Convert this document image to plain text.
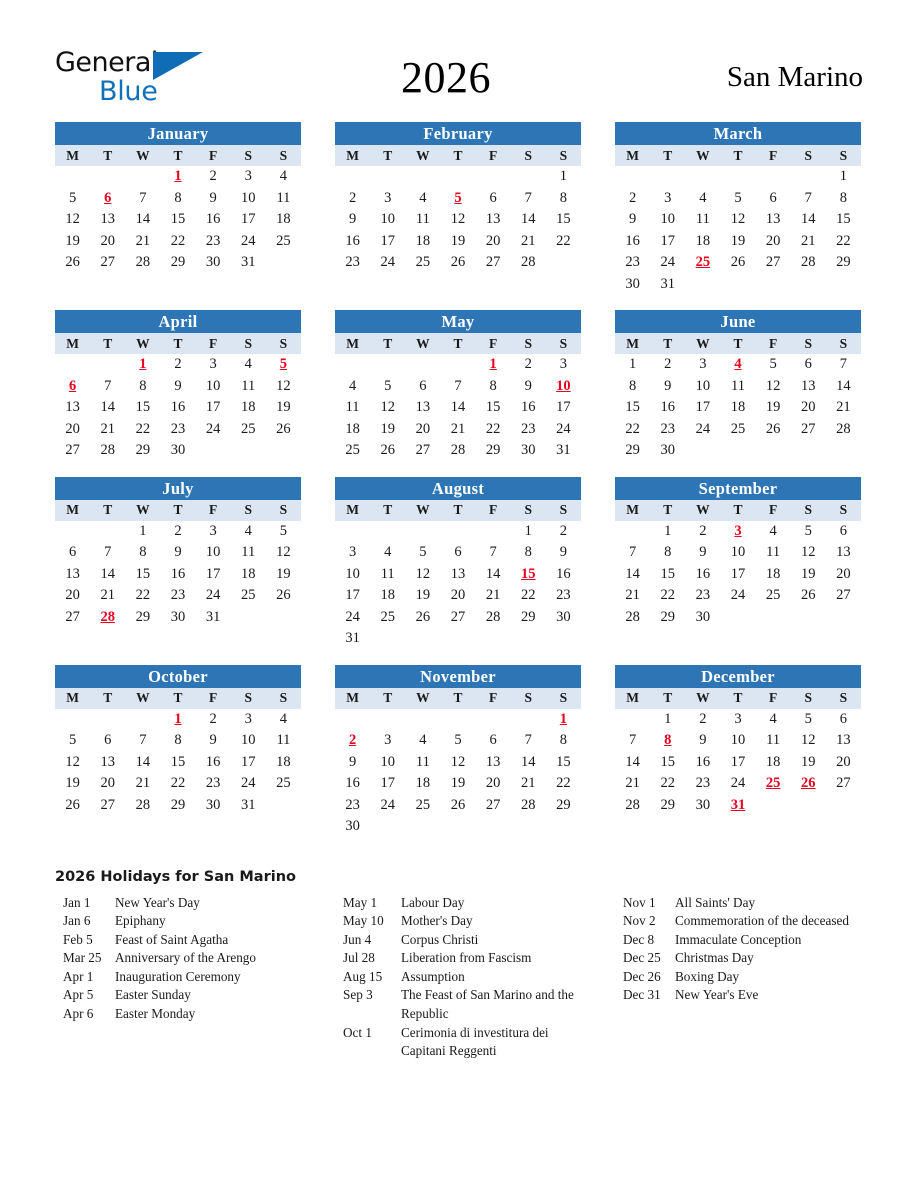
General
Blue	2026	San Marino
January
M	T	W	T	F	S	S
			1	2	3	4
5	6	7	8	9	10	11
12	13	14	15	16	17	18
19	20	21	22	23	24	25
26	27	28	29	30	31	
February
M	T	W	T	F	S	S
						1
2	3	4	5	6	7	8
9	10	11	12	13	14	15
16	17	18	19	20	21	22
23	24	25	26	27	28	
March
M	T	W	T	F	S	S
						1
2	3	4	5	6	7	8
9	10	11	12	13	14	15
16	17	18	19	20	21	22
23	24	25	26	27	28	29
30	31					
April
M	T	W	T	F	S	S
		1	2	3	4	5
6	7	8	9	10	11	12
13	14	15	16	17	18	19
20	21	22	23	24	25	26
27	28	29	30			
May
M	T	W	T	F	S	S
				1	2	3
4	5	6	7	8	9	10
11	12	13	14	15	16	17
18	19	20	21	22	23	24
25	26	27	28	29	30	31
June
M	T	W	T	F	S	S
1	2	3	4	5	6	7
8	9	10	11	12	13	14
15	16	17	18	19	20	21
22	23	24	25	26	27	28
29	30					
July
M	T	W	T	F	S	S
		1	2	3	4	5
6	7	8	9	10	11	12
13	14	15	16	17	18	19
20	21	22	23	24	25	26
27	28	29	30	31		
August
M	T	W	T	F	S	S
					1	2
3	4	5	6	7	8	9
10	11	12	13	14	15	16
17	18	19	20	21	22	23
24	25	26	27	28	29	30
31						
September
M	T	W	T	F	S	S
	1	2	3	4	5	6
7	8	9	10	11	12	13
14	15	16	17	18	19	20
21	22	23	24	25	26	27
28	29	30				
October
M	T	W	T	F	S	S
			1	2	3	4
5	6	7	8	9	10	11
12	13	14	15	16	17	18
19	20	21	22	23	24	25
26	27	28	29	30	31	
November
M	T	W	T	F	S	S
						1
2	3	4	5	6	7	8
9	10	11	12	13	14	15
16	17	18	19	20	21	22
23	24	25	26	27	28	29
30						
December
M	T	W	T	F	S	S
	1	2	3	4	5	6
7	8	9	10	11	12	13
14	15	16	17	18	19	20
21	22	23	24	25	26	27
28	29	30	31			
2026 Holidays for San Marino
Jan 1	New Year's Day
Jan 6	Epiphany
Feb 5	Feast of Saint Agatha
Mar 25	Anniversary of the Arengo
Apr 1	Inauguration Ceremony
Apr 5	Easter Sunday
Apr 6	Easter Monday
May 1	Labour Day
May 10	Mother's Day
Jun 4	Corpus Christi
Jul 28	Liberation from Fascism
Aug 15	Assumption
Sep 3	The Feast of San Marino and the Republic
Oct 1	Cerimonia di investitura dei Capitani Reggenti
Nov 1	All Saints' Day
Nov 2	Commemoration of the deceased
Dec 8	Immaculate Conception
Dec 25	Christmas Day
Dec 26	Boxing Day
Dec 31	New Year's Eve
